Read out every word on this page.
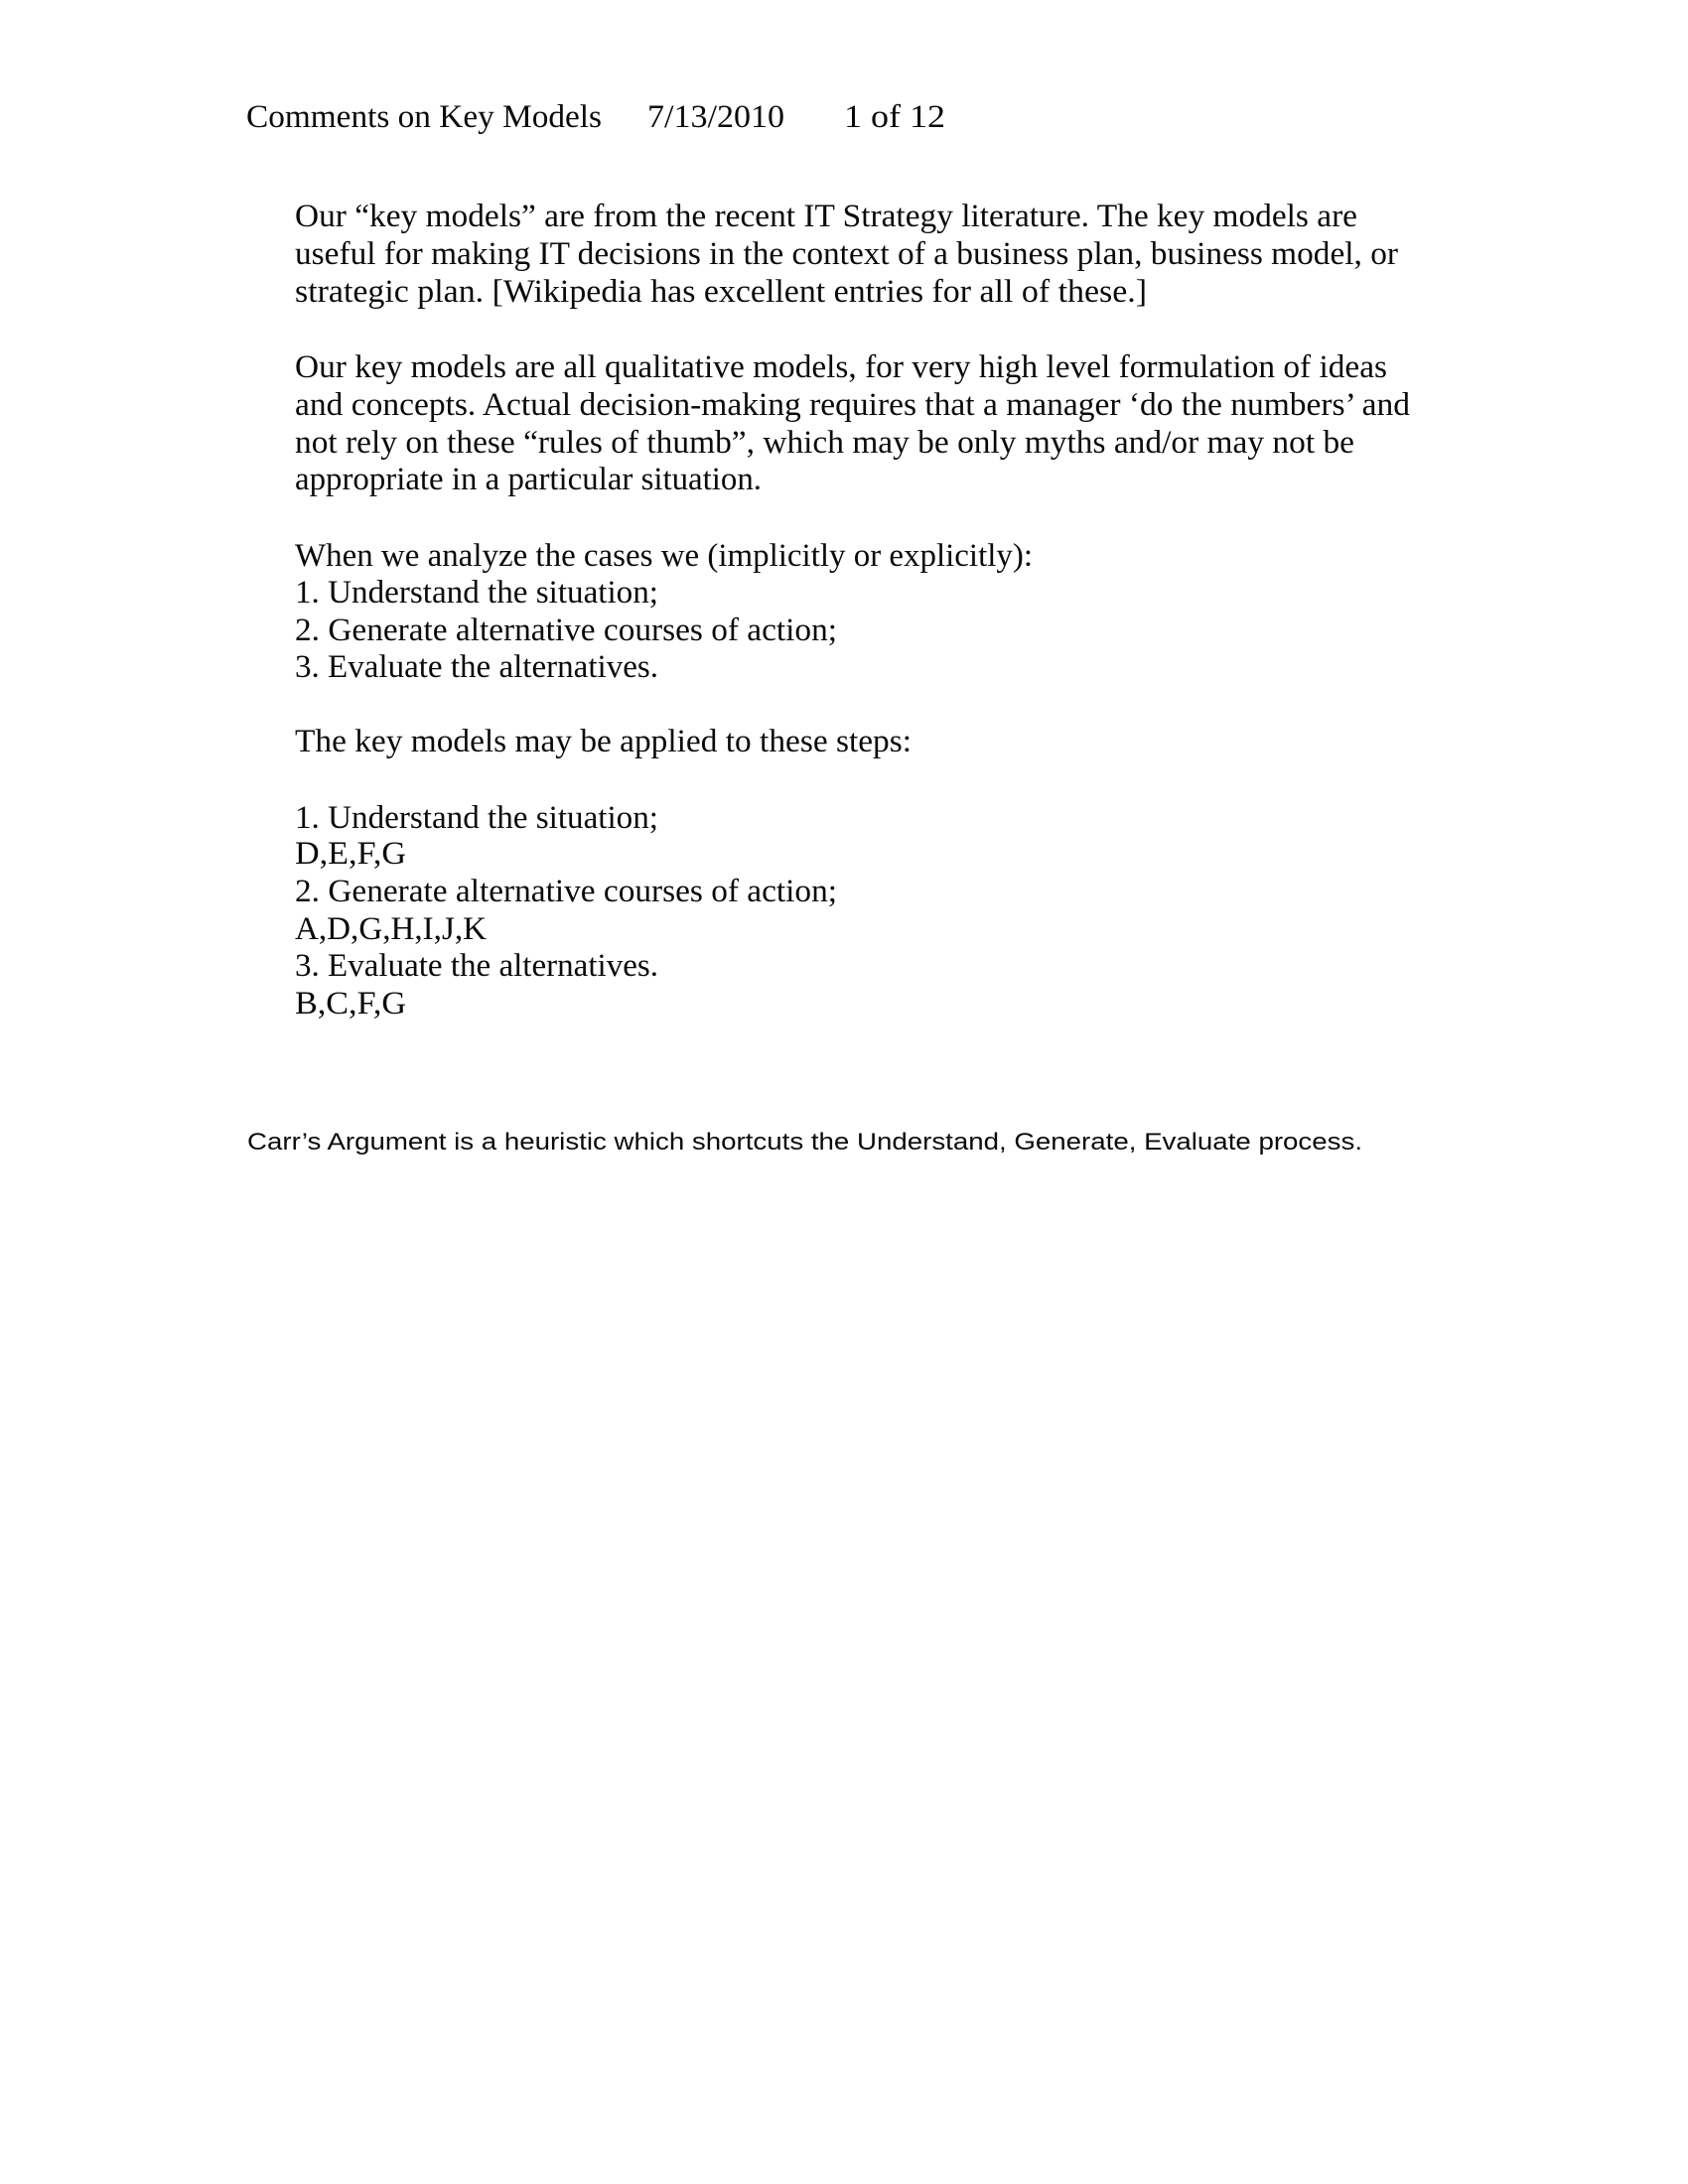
Comments on Key Models 7/13/2010 1 of 12
Our “key models” are from the recent IT Strategy literature. The key models are
useful for making IT decisions in the context of a business plan, business model, or
strategic plan. [Wikipedia has excellent entries for all of these.]
Our key models are all qualitative models, for very high level formulation of ideas
and concepts. Actual decision-making requires that a manager ‘do the numbers’ and
not rely on these “rules of thumb”, which may be only myths and/or may not be
appropriate in a particular situation.
When we analyze the cases we (implicitly or explicitly):
1. Understand the situation;
2. Generate alternative courses of action;
3. Evaluate the alternatives.
The key models may be applied to these steps:
1. Understand the situation;
D,E,F,G
2. Generate alternative courses of action;
A,D,G,H,I,J,K
3. Evaluate the alternatives.
B,C,F,G
Carr’s Argument is a heuristic which shortcuts the Understand, Generate, Evaluate process.
